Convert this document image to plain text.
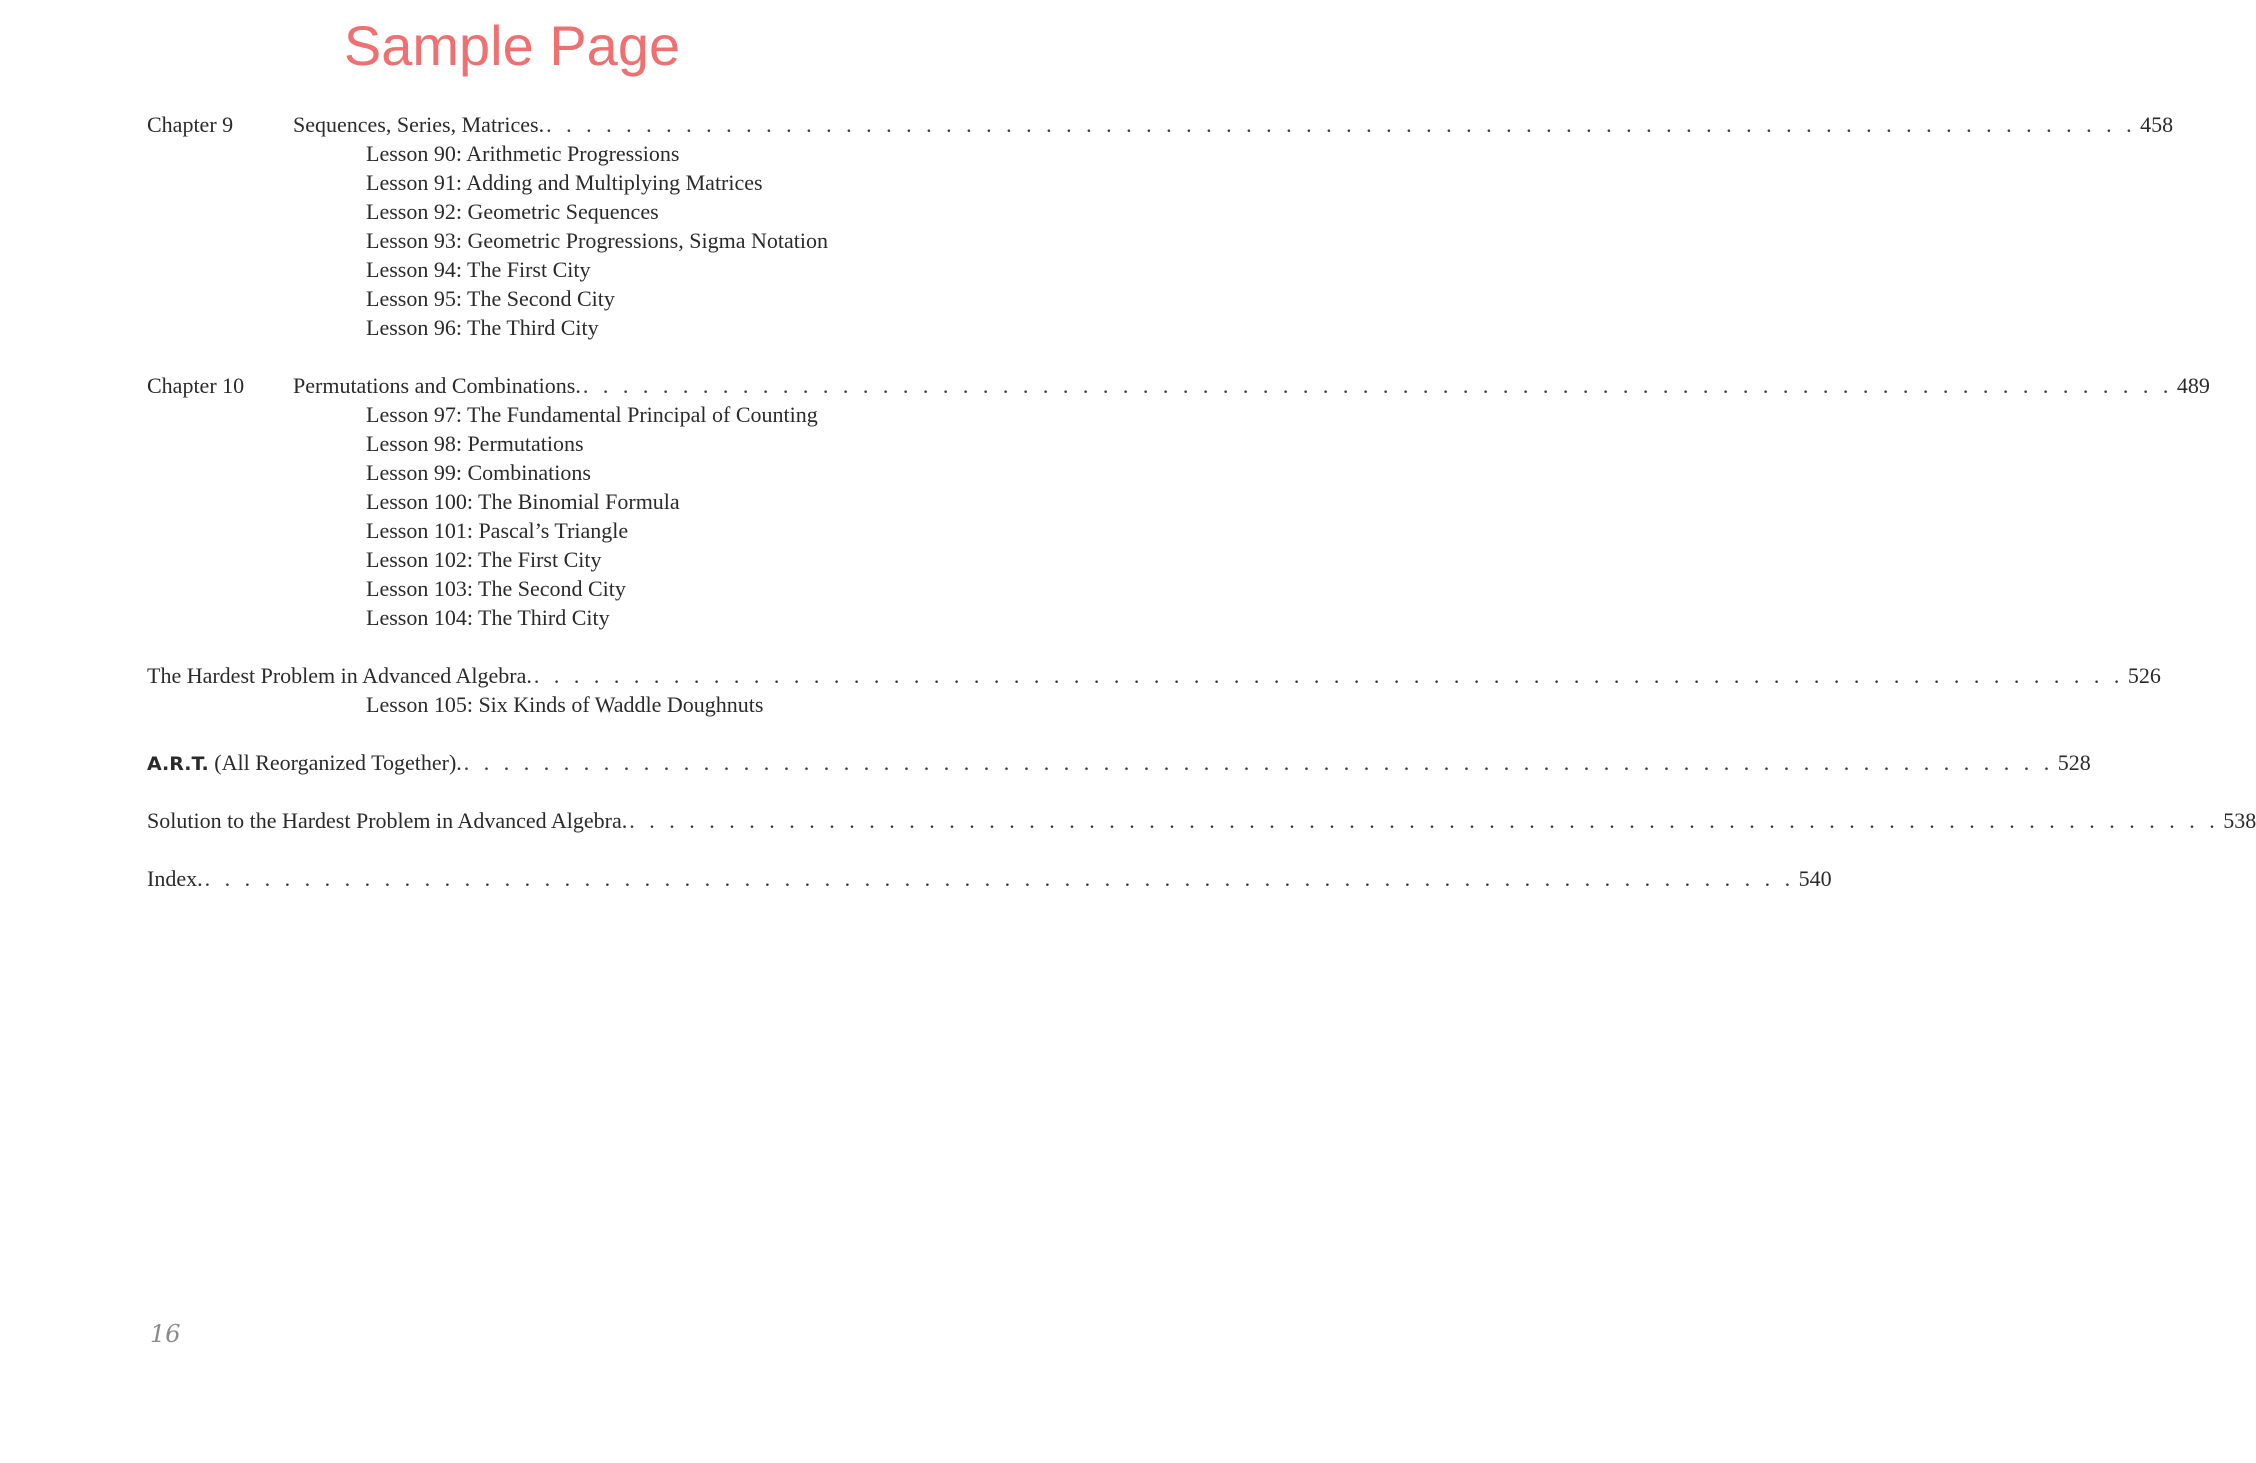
Sample Page
Chapter 9	Sequences, Series, Matrices. . . . . . . . . . . . . . . . . . . . . . . . . . . . . . . . . . . . . . . . . . . . . . . . . . . . . . . . . . . . . . . . . . . . . . . . . . . . . . . . . 458
Lesson 90: Arithmetic Progressions
Lesson 91: Adding and Multiplying Matrices
Lesson 92: Geometric Sequences
Lesson 93: Geometric Progressions, Sigma Notation
Lesson 94: The First City
Lesson 95: The Second City
Lesson 96: The Third City
Chapter 10 Permutations and Combinations. . . . . . . . . . . . . . . . . . . . . . . . . . . . . . . . . . . . . . . . . . . . . . . . . . . . . . . . . . . . . . . . . . . . . . . . . . . . . . . . . 489
Lesson 97: The Fundamental Principal of Counting
Lesson 98: Permutations
Lesson 99: Combinations
Lesson 100: The Binomial Formula
Lesson 101: Pascal’s Triangle
Lesson 102: The First City
Lesson 103: The Second City
Lesson 104: The Third City
The Hardest Problem in Advanced Algebra. . . . . . . . . . . . . . . . . . . . . . . . . . . . . . . . . . . . . . . . . . . . . . . . . . . . . . . . . . . . . . . . . . . . . . . . . . . . . . . . . 526
Lesson 105: Six Kinds of Waddle Doughnuts
A.R.T. (All Reorganized Together). . . . . . . . . . . . . . . . . . . . . . . . . . . . . . . . . . . . . . . . . . . . . . . . . . . . . . . . . . . . . . . . . . . . . . . . . . . . . . . . . 528
Solution to the Hardest Problem in Advanced Algebra. . . . . . . . . . . . . . . . . . . . . . . . . . . . . . . . . . . . . . . . . . . . . . . . . . . . . . . . . . . . . . . . . . . . . . . . . . . . . . . . . 538
Index. . . . . . . . . . . . . . . . . . . . . . . . . . . . . . . . . . . . . . . . . . . . . . . . . . . . . . . . . . . . . . . . . . . . . . . . . . . . . . . . . 540
16
